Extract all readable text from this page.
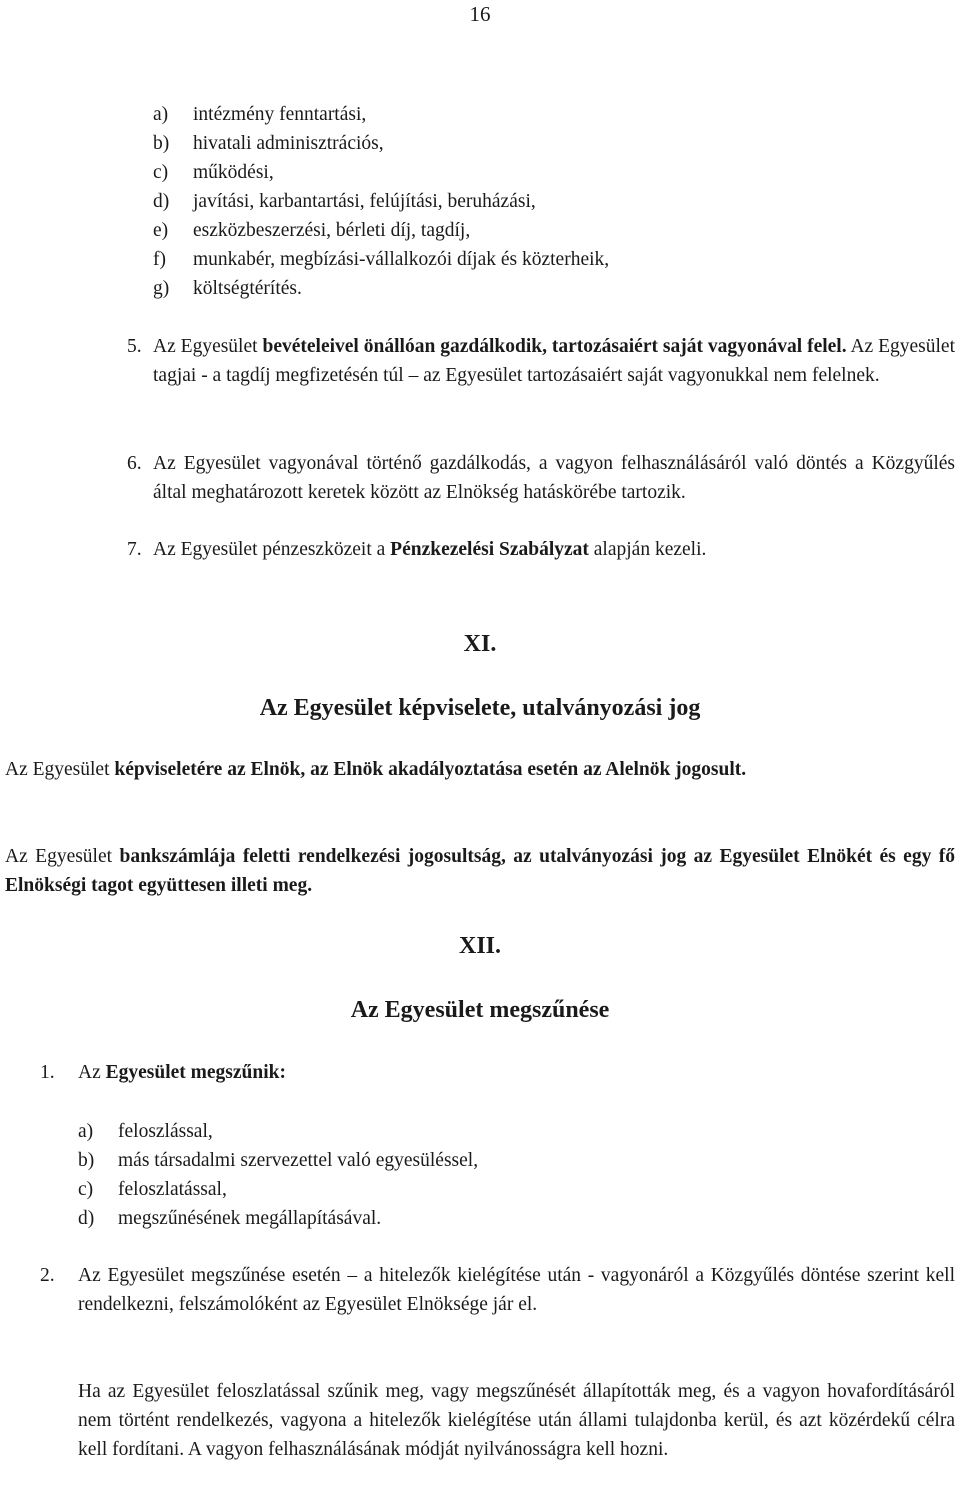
16
a)	intézmény fenntartási,
b)	hivatali adminisztrációs,
c)	működési,
d)	javítási, karbantartási, felújítási, beruházási,
e)	eszközbeszerzési, bérleti díj, tagdíj,
f)	munkabér, megbízási-vállalkozói díjak és közterheik,
g)	költségtérítés.
5. Az Egyesület bevételeivel önállóan gazdálkodik, tartozásaiért saját vagyonával felel. Az Egyesület tagjai - a tagdíj megfizetésén túl – az Egyesület tartozásaiért saját vagyonukkal nem felelnek.
6. Az Egyesület vagyonával történő gazdálkodás, a vagyon felhasználásáról való döntés a Közgyűlés által meghatározott keretek között az Elnökség hatáskörébe tartozik.
7. Az Egyesület pénzeszközeit a Pénzkezelési Szabályzat alapján kezeli.
XI.
Az Egyesület képviselete, utalványozási jog
Az Egyesület képviseletére az Elnök, az Elnök akadályoztatása esetén az Alelnök jogosult.
Az Egyesület bankszámlája feletti rendelkezési jogosultság, az utalványozási jog az Egyesület Elnökét és egy fő Elnökségi tagot együttesen illeti meg.
XII.
Az Egyesület megszűnése
1.	Az Egyesület megszűnik:
a)	feloszlással,
b)	más társadalmi szervezettel való egyesüléssel,
c)	feloszlatással,
d)	megszűnésének megállapításával.
2.	Az Egyesület megszűnése esetén – a hitelezők kielégítése után - vagyonáról a Közgyűlés döntése szerint kell rendelkezni, felszámolóként az Egyesület Elnöksége jár el.
Ha az Egyesület feloszlatással szűnik meg, vagy megszűnését állapították meg, és a vagyon hovafordításáról nem történt rendelkezés, vagyona a hitelezők kielégítése után állami tulajdonba kerül, és azt közérdekű célra kell fordítani. A vagyon felhasználásának módját nyilvánosságra kell hozni.
